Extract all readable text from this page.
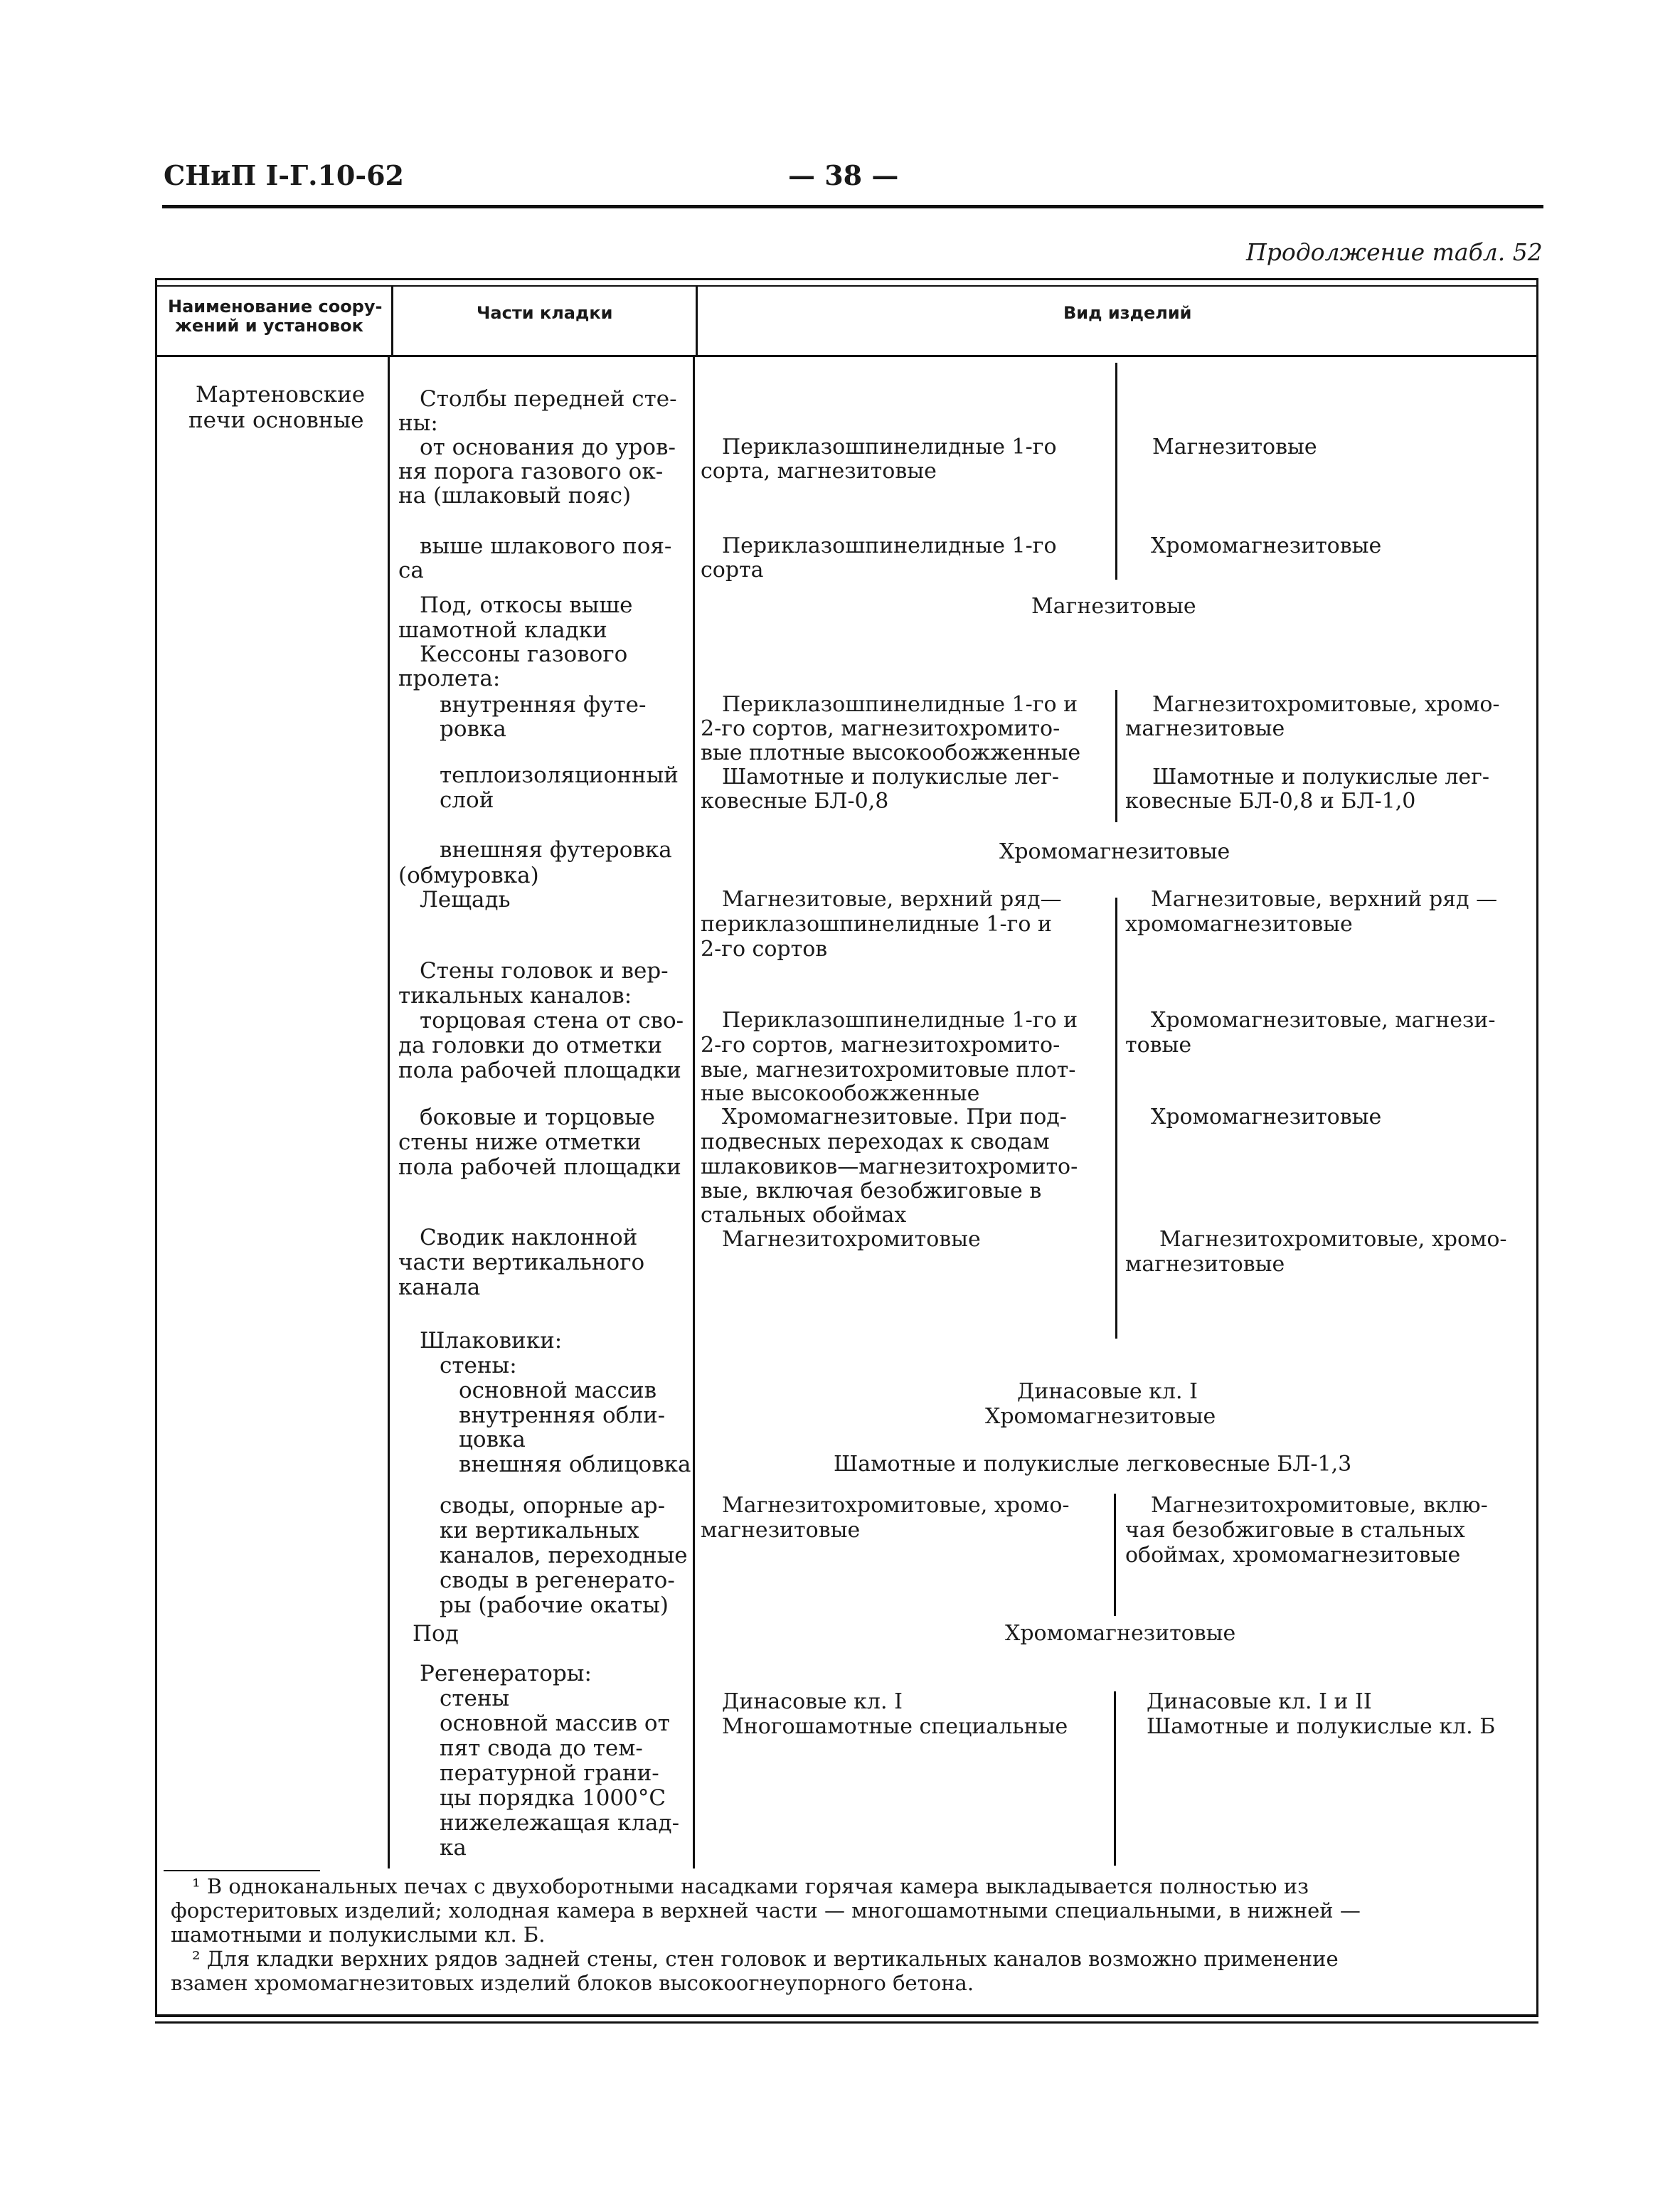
СНиП I-Г.10-62	— 38 —
Продолжение табл. 52
Наименование соору-
жений и установок
Части кладки	Вид изделий
Мартеновские
печи основные
Столбы передней сте-
ны:
от основания до уров-
ня порога газового ок-
на (шлаковый пояс)
выше шлакового поя-
са
Под, откосы выше
шамотной кладки
Кессоны газового
пролета:
внутренняя футе-
ровка
теплоизоляционный
слой
внешняя футеровка
(обмуровка)
Лещадь
Стены головок и вер-
тикальных каналов:
торцовая стена от сво-
да головки до отметки
пола рабочей площадки
боковые и торцовые
стены ниже отметки
пола рабочей площадки
Сводик наклонной
части вертикального
канала
Шлаковики:
стены:
основной массив
внутренняя обли-
цовка
внешняя облицовка
своды, опорные ар-
ки вертикальных
каналов, переходные
своды в регенерато-
ры (рабочие окаты)
Под
Регенераторы:
стены
основной массив от
пят свода до тем-
пературной грани-
цы порядка 1000°С
нижележащая клад-
ка
Периклазошпинелидные 1-го
сорта, магнезитовые
Периклазошпинелидные 1-го
сорта
Периклазошпинелидные 1-го и
2-го сортов, магнезитохромито-
вые плотные высокообожженные
Шамотные и полукислые лег-
ковесные БЛ-0,8
Магнезитовые, верхний ряд—
периклазошпинелидные 1-го и
2-го сортов
Периклазошпинелидные 1-го и
2-го сортов, магнезитохромито-
вые, магнезитохромитовые плот-
ные высокообожженные
Хромомагнезитовые. При под-
подвесных переходах к сводам
шлаковиков—магнезитохромито-
вые, включая безобжиговые в
стальных обоймах
Магнезитохромитовые
Магнезитохромитовые, хромо-
магнезитовые
Динасовые кл. I
Многошамотные специальные
Магнезитовые
Хромомагнезитовые
Магнезитохромитовые, хромо-
магнезитовые
Шамотные и полукислые лег-
ковесные БЛ-0,8 и БЛ-1,0
Магнезитовые, верхний ряд —
хромомагнезитовые
Хромомагнезитовые, магнези-
товые
Хромомагнезитовые
Магнезитохромитовые, хромо-
магнезитовые
Магнезитохромитовые, вклю-
чая безобжиговые в стальных
обоймах, хромомагнезитовые
Динасовые кл. I и II
Шамотные и полукислые кл. Б
Магнезитовые
Хромомагнезитовые
Динасовые кл. I
Хромомагнезитовые
Шамотные и полукислые легковесные БЛ-1,3
Хромомагнезитовые
¹ В одноканальных печах с двухоборотными насадками горячая камера выкладывается полностью из
форстеритовых изделий; холодная камера в верхней части — многошамотными специальными, в нижней —
шамотными и полукислыми кл. Б.
² Для кладки верхних рядов задней стены, стен головок и вертикальных каналов возможно применение
взамен хромомагнезитовых изделий блоков высокоогнеупорного бетона.
